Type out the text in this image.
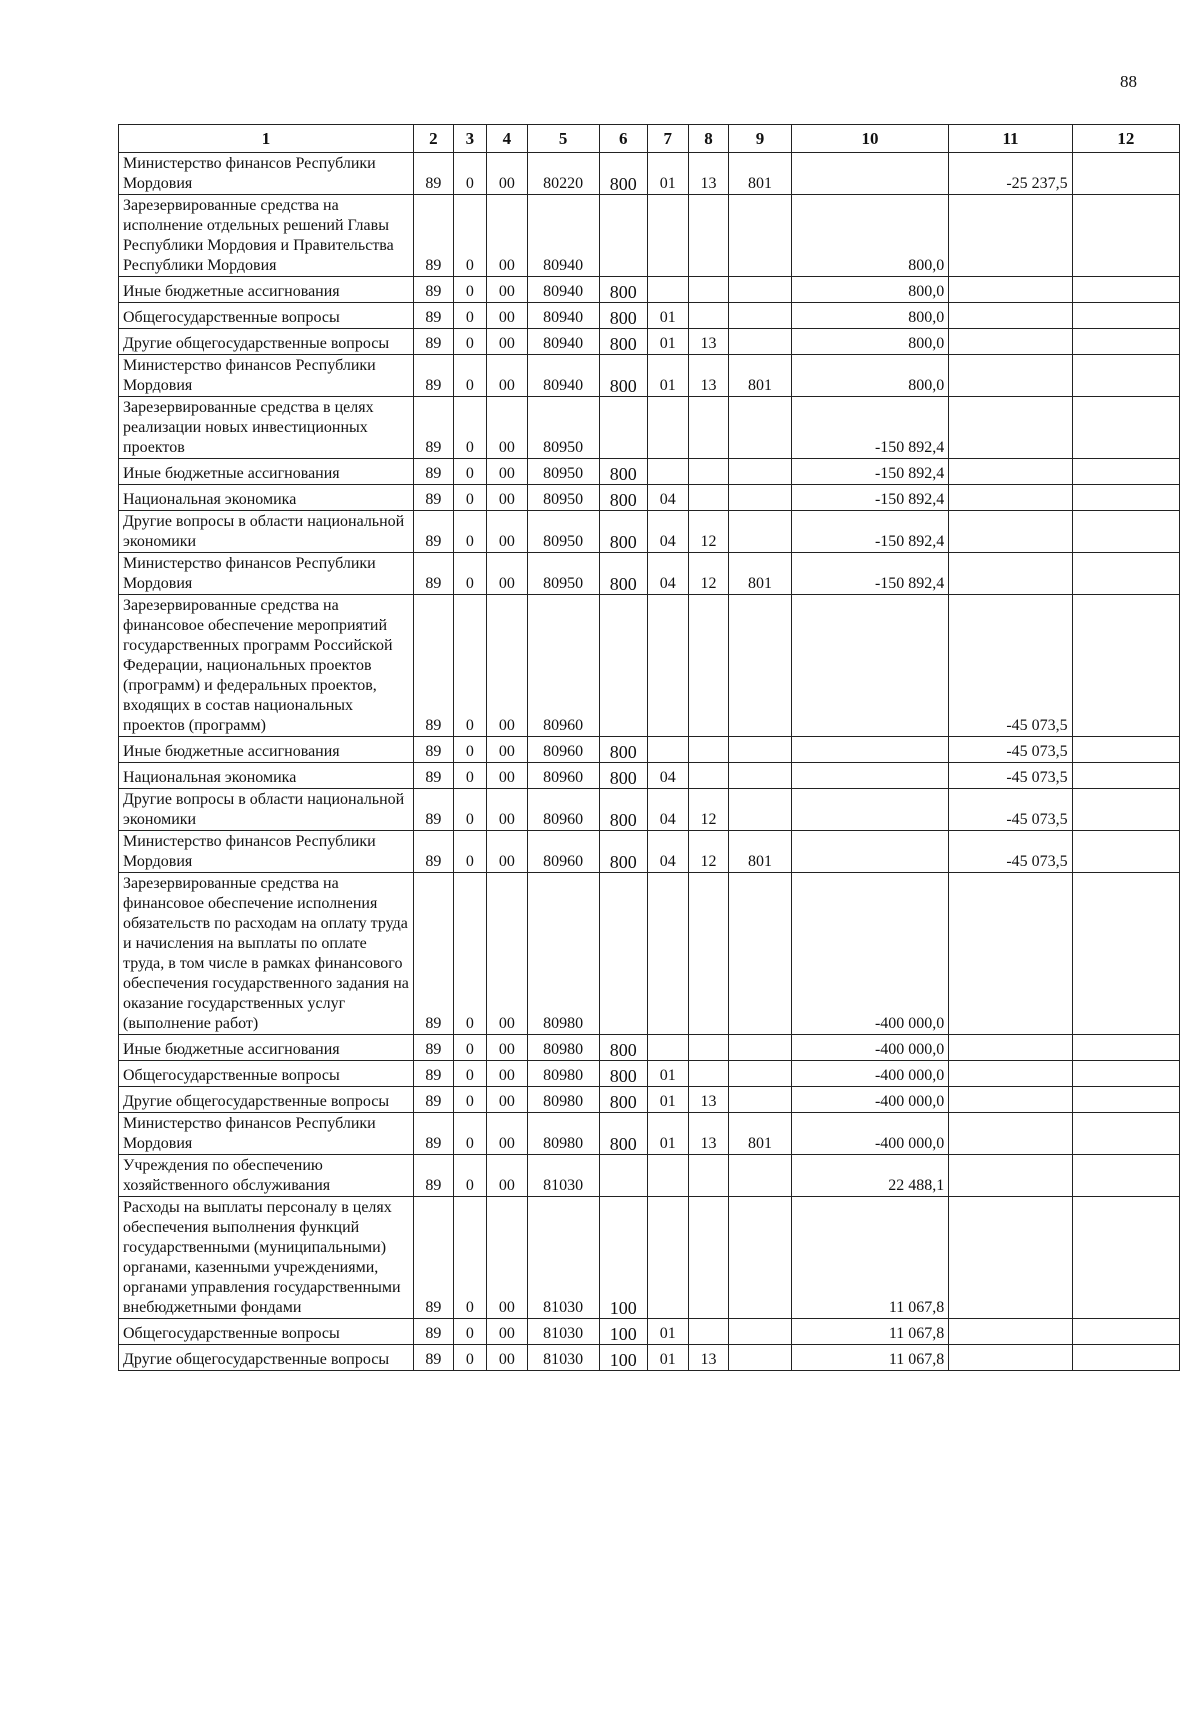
88
1	2	3	4	5	6	7	8	9	10	11	12
Министерство финансов Республики Мордовия	89	0	00	80220	800	01	13	801		-25 237,5	
Зарезервированные средства на исполнение отдельных решений Главы Республики Мордовия и Правительства Республики Мордовия	89	0	00	80940					800,0		
Иные бюджетные ассигнования	89	0	00	80940	800				800,0		
Общегосударственные вопросы	89	0	00	80940	800	01			800,0		
Другие общегосударственные вопросы	89	0	00	80940	800	01	13		800,0		
Министерство финансов Республики Мордовия	89	0	00	80940	800	01	13	801	800,0		
Зарезервированные средства в целях реализации новых инвестиционных проектов	89	0	00	80950					-150 892,4		
Иные бюджетные ассигнования	89	0	00	80950	800				-150 892,4		
Национальная экономика	89	0	00	80950	800	04			-150 892,4		
Другие вопросы в области национальной экономики	89	0	00	80950	800	04	12		-150 892,4		
Министерство финансов Республики Мордовия	89	0	00	80950	800	04	12	801	-150 892,4		
Зарезервированные средства на финансовое обеспечение мероприятий государственных программ Российской Федерации, национальных проектов (программ) и федеральных проектов, входящих в состав национальных проектов (программ)	89	0	00	80960						-45 073,5	
Иные бюджетные ассигнования	89	0	00	80960	800					-45 073,5	
Национальная экономика	89	0	00	80960	800	04				-45 073,5	
Другие вопросы в области национальной экономики	89	0	00	80960	800	04	12			-45 073,5	
Министерство финансов Республики Мордовия	89	0	00	80960	800	04	12	801		-45 073,5	
Зарезервированные средства на финансовое обеспечение исполнения обязательств по расходам на оплату труда и начисления на выплаты по оплате труда, в том числе в рамках финансового обеспечения государственного задания на оказание государственных услуг (выполнение работ)	89	0	00	80980					-400 000,0		
Иные бюджетные ассигнования	89	0	00	80980	800				-400 000,0		
Общегосударственные вопросы	89	0	00	80980	800	01			-400 000,0		
Другие общегосударственные вопросы	89	0	00	80980	800	01	13		-400 000,0		
Министерство финансов Республики Мордовия	89	0	00	80980	800	01	13	801	-400 000,0		
Учреждения по обеспечению хозяйственного обслуживания	89	0	00	81030					22 488,1		
Расходы на выплаты персоналу в целях обеспечения выполнения функций государственными (муниципальными) органами, казенными учреждениями, органами управления государственными внебюджетными фондами	89	0	00	81030	100				11 067,8		
Общегосударственные вопросы	89	0	00	81030	100	01			11 067,8		
Другие общегосударственные вопросы	89	0	00	81030	100	01	13		11 067,8		
